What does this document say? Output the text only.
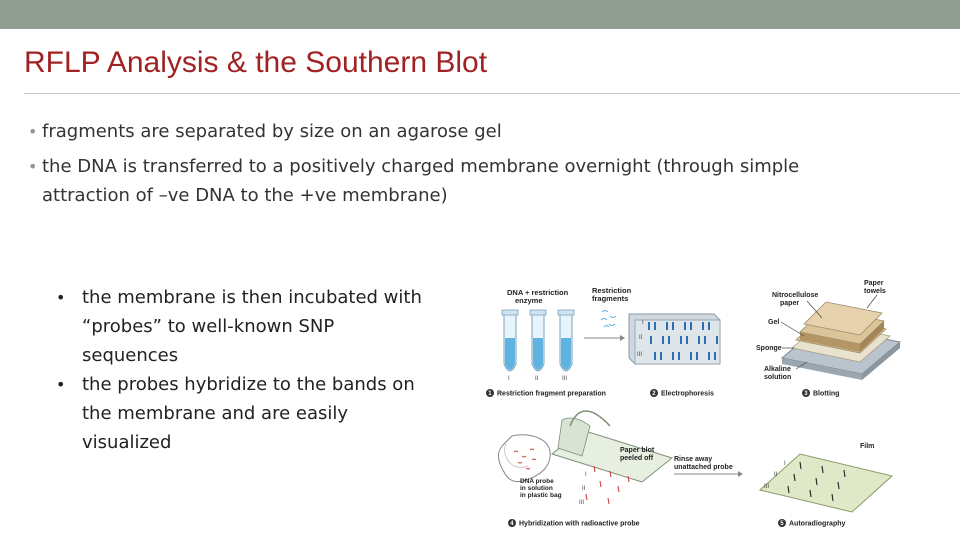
RFLP Analysis & the Southern Blot
• fragments are separated by size on an agarose gel
• the DNA is transferred to a positively charged membrane overnight (through simple
attraction of –ve DNA to the +ve membrane)
• the membrane is then incubated with
“probes” to well-known SNP
sequences
• the probes hybridize to the bands on
the membrane and are easily
visualized
DNA + restriction
enzyme
I	II	III
1 Restriction fragment preparation
Restriction
fragments
I
II
III
2 Electrophoresis
Nitrocellulose
paper
Paper
towels
Gel
Sponge
Alkaline
solution
3 Blotting
DNA probe
in solution
in plastic bag
Paper blot
peeled off
I
II
III
4 Hybridization with radioactive probe
Rinse away
unattached probe
Film
I
II
III
5 Autoradiography
